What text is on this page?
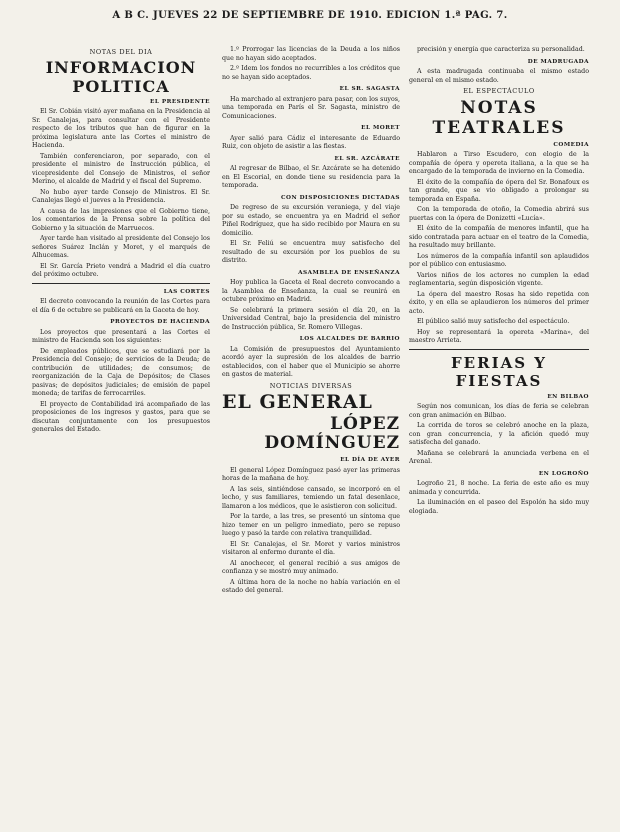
A B C. JUEVES 22 DE SEPTIEMBRE DE 1910. EDICION 1.ª PAG. 7.
NOTAS DEL DIA
INFORMACION
POLITICA
EL PRESIDENTE

El Sr. Cobián visitó ayer mañana en la Presidencia al Sr. Canalejas, para consultar con el Presidente respecto de los tributos que han de figurar en la próxima legislatura ante las Cortes el ministro de Hacienda.

También conferenciaron, por separado, con el presidente el ministro de Instrucción pública, el vicepresidente del Consejo de Ministros, el señor Merino, el alcalde de Madrid y el fiscal del Supremo.

No hubo ayer tarde Consejo de Ministros. El Sr. Canalejas llegó el jueves a la Presidencia.

A causa de las impresiones que el Gobierno tiene, los comentarios de la Prensa sobre la política del Gobierno y la situación de Marruecos.

Ayer tarde han visitado al presidente del Consejo los señores Suárez Inclán y Moret, y el marqués de Alhucemas.

El Sr. García Prieto vendrá a Madrid el día cuatro del próximo octubre.

LAS CORTES

El decreto convocando la reunión de las Cortes para el día 6 de octubre se publicará en la Gaceta de hoy.

PROYECTOS DE HACIENDA

Los proyectos que presentará a las Cortes el ministro de Hacienda son los siguientes:

De empleados públicos, que se estudiará por la Presidencia del Consejo; de servicios de la Deuda; de contribución de utilidades; de consumos; de reorganización de la Caja de Depósitos; de Clases pasivas; de depósitos judiciales; de emisión de papel moneda; de tarifas de ferrocarriles.

El proyecto de Contabilidad irá acompañado de las proposiciones de los ingresos y gastos, para que se discutan conjuntamente con los presupuestos generales del Estado.

1.º Prorrogar las licencias de la Deuda a los niños que no hayan sido aceptados.

2.º Idem los fondos no recurribles a los créditos que no se hayan sido aceptados.

EL SR. SAGASTA

Ha marchado al extranjero para pasar, con los suyos, una temporada en París el Sr. Sagasta, ministro de Comunicaciones.

EL MORET

Ayer salió para Cádiz el interesante de Eduardo Ruiz, con objeto de asistir a las fiestas.

EL SR. AZCÁRATE

Al regresar de Bilbao, el Sr. Azcárate se ha detenido en El Escorial, en donde tiene su residencia para la temporada.

CON DISPOSICIONES DICTADAS

De regreso de su excursión veraniega, y del viaje por su estado, se encuentra ya en Madrid el señor Piñel Rodríguez, que ha sido recibido por Maura en su domicilio.

El Sr. Feliú se encuentra muy satisfecho del resultado de su excursión por los pueblos de su distrito.

ASAMBLEA DE ENSEÑANZA

Hoy publica la Gaceta el Real decreto convocando a la Asamblea de Enseñanza, la cual se reunirá en octubre próximo en Madrid.

Se celebrará la primera sesión el día 20, en la Universidad Central, bajo la presidencia del ministro de Instrucción pública, Sr. Romero Villegas.

LOS ALCALDES DE BARRIO

La Comisión de presupuestos del Ayuntamiento acordó ayer la supresión de los alcaldes de barrio establecidos, con el haber que el Municipio se ahorre en gastos de material.

NOTICIAS DIVERSAS
EL GENERAL
LÓPEZ DOMÍNGUEZ
EL DÍA DE AYER

El general López Domínguez pasó ayer las primeras horas de la mañana de hoy.

A las seis, sintiéndose cansado, se incorporó en el lecho, y sus familiares, temiendo un fatal desenlace, llamaron a los médicos, que le asistieron con solicitud.

Por la tarde, a las tres, se presentó un síntoma que hizo temer en un peligro inmediato, pero se repuso luego y pasó la tarde con relativa tranquilidad.

El Sr. Canalejas, el Sr. Moret y varios ministros visitaron al enfermo durante el día.

Al anochecer, el general recibió a sus amigos de confianza y se mostró muy animado.

A última hora de la noche no había variación en el estado del general.

precisión y energía que caracteriza su personalidad.

DE MADRUGADA

A esta madrugada continuaba el mismo estado general en el mismo estado.

EL ESPECTÁCULO
NOTAS TEATRALES
COMEDIA

Hablaron a Tirso Escudero, con elogio de la compañía de ópera y opereta italiana, a la que se ha encargado de la temporada de invierno en la Comedia.

El éxito de la compañía de ópera del Sr. Bonafoux es tan grande, que se vio obligado a prolongar su temporada en España.

Con la temporada de otoño, la Comedia abrirá sus puertas con la ópera de Donizetti «Lucía».

El éxito de la compañía de menores infantil, que ha sido contratada para actuar en el teatro de la Comedia, ha resultado muy brillante.

Los números de la compañía infantil son aplaudidos por el público con entusiasmo.

Varios niños de los actores no cumplen la edad reglamentaria, según disposición vigente.

La ópera del maestro Rosas ha sido repetida con éxito, y en ella se aplaudieron los números del primer acto.

El público salió muy satisfecho del espectáculo.

Hoy se representará la opereta «Marina», del maestro Arrieta.

FERIAS Y FIESTAS
EN BILBAO

Según nos comunican, los días de feria se celebran con gran animación en Bilbao.

La corrida de toros se celebró anoche en la plaza, con gran concurrencia, y la afición quedó muy satisfecha del ganado.

Mañana se celebrará la anunciada verbena en el Arenal.

EN LOGROÑO

Logroño 21, 8 noche. La feria de este año es muy animada y concurrida.

La iluminación en el paseo del Espolón ha sido muy elogiada.
